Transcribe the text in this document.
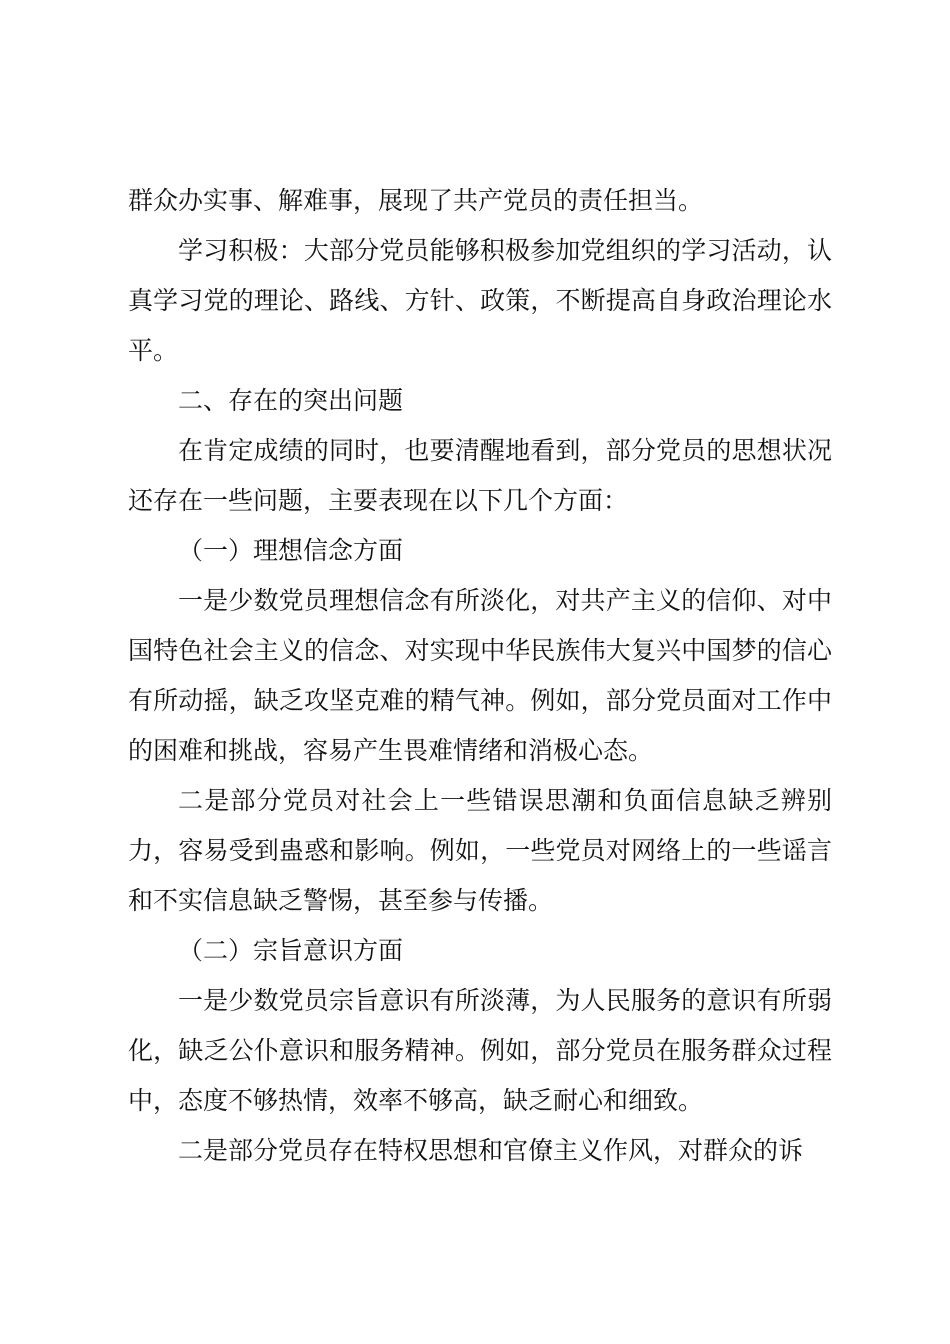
群众办实事、解难事，展现了共产党员的责任担当。

学习积极：大部分党员能够积极参加党组织的学习活动，认真学习党的理论、路线、方针、政策，不断提高自身政治理论水平。

二、存在的突出问题

在肯定成绩的同时，也要清醒地看到，部分党员的思想状况还存在一些问题，主要表现在以下几个方面：

（一）理想信念方面

一是少数党员理想信念有所淡化，对共产主义的信仰、对中国特色社会主义的信念、对实现中华民族伟大复兴中国梦的信心有所动摇，缺乏攻坚克难的精气神。例如，部分党员面对工作中的困难和挑战，容易产生畏难情绪和消极心态。

二是部分党员对社会上一些错误思潮和负面信息缺乏辨别力，容易受到蛊惑和影响。例如，一些党员对网络上的一些谣言和不实信息缺乏警惕，甚至参与传播。

（二）宗旨意识方面

一是少数党员宗旨意识有所淡薄，为人民服务的意识有所弱化，缺乏公仆意识和服务精神。例如，部分党员在服务群众过程中，态度不够热情，效率不够高，缺乏耐心和细致。

二是部分党员存在特权思想和官僚主义作风，对群众的诉
